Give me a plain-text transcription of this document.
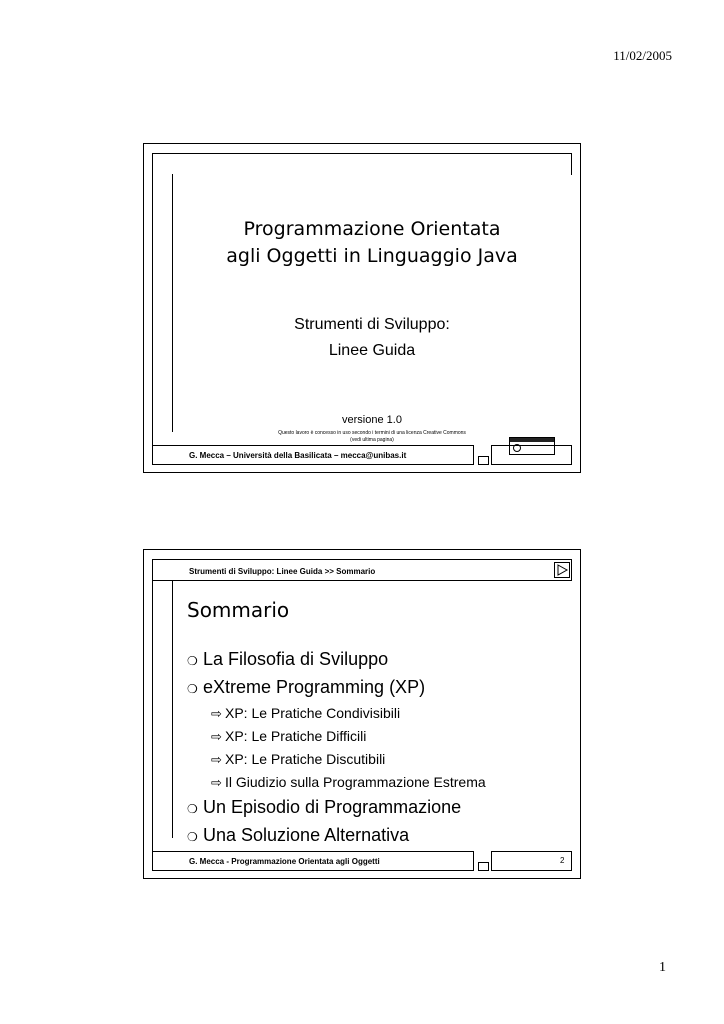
11/02/2005
Programmazione Orientata
agli Oggetti in Linguaggio Java
Strumenti di Sviluppo:
Linee Guida
versione 1.0
Questo lavoro è concesso in uso secondo i termini di una licenza Creative Commons
(vedi ultima pagina)
G. Mecca – Università della Basilicata – mecca@unibas.it
Strumenti di Sviluppo: Linee Guida >> Sommario
Sommario
❍ La Filosofia di Sviluppo
❍ eXtreme Programming (XP)
⇨ XP: Le Pratiche Condivisibili
⇨ XP: Le Pratiche Difficili
⇨ XP: Le Pratiche Discutibili
⇨ Il Giudizio sulla Programmazione Estrema
❍ Un Episodio di Programmazione
❍ Una Soluzione Alternativa
2
G. Mecca - Programmazione Orientata agli Oggetti
1
